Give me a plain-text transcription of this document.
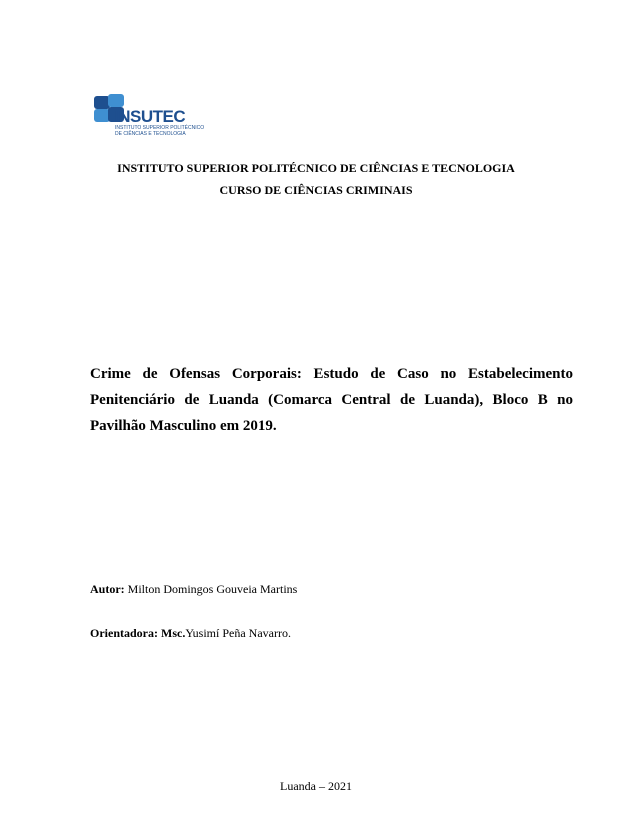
INSUTEC
INSTITUTO SUPERIOR POLITÉCNICO
DE CIÊNCIAS E TECNOLOGIA
INSTITUTO SUPERIOR POLITÉCNICO DE CIÊNCIAS E TECNOLOGIA
CURSO DE CIÊNCIAS CRIMINAIS
Crime de Ofensas Corporais: Estudo de Caso no Estabelecimento
Penitenciário de Luanda (Comarca Central de Luanda), Bloco B no
Pavilhão Masculino em 2019.
Autor: Milton Domingos Gouveia Martins
Orientadora: Msc.Yusimí Peña Navarro.
Luanda – 2021
